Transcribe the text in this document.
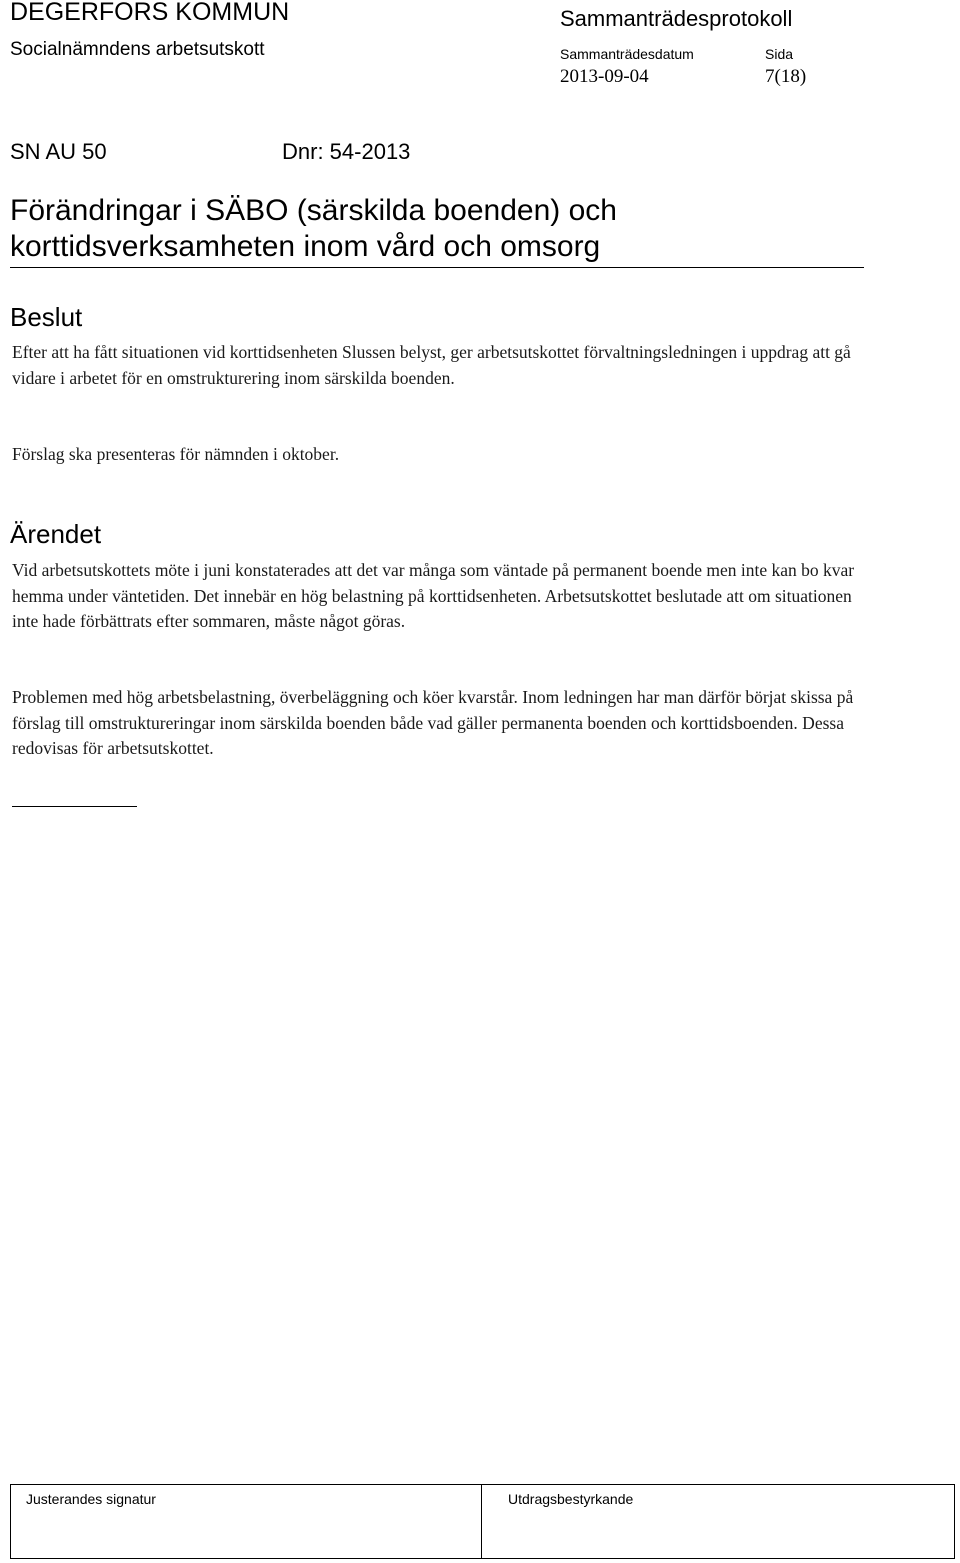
DEGERFORS KOMMUN
Socialnämndens arbetsutskott
Sammanträdesprotokoll
Sammanträdesdatum	Sida
2013-09-04	7(18)
SN AU 50	Dnr: 54-2013
Förändringar i SÄBO (särskilda boenden) och korttidsverksamheten inom vård och omsorg
Beslut
Efter att ha fått situationen vid korttidsenheten Slussen belyst, ger arbetsutskottet förvaltningsledningen i uppdrag att gå vidare i arbetet för en omstrukturering inom särskilda boenden.
Förslag ska presenteras för nämnden i oktober.
Ärendet
Vid arbetsutskottets möte i juni konstaterades att det var många som väntade på permanent boende men inte kan bo kvar hemma under väntetiden. Det innebär en hög belastning på korttidsenheten. Arbetsutskottet beslutade att om situationen inte hade förbättrats efter sommaren, måste något göras.
Problemen med hög arbetsbelastning, överbeläggning och köer kvarstår. Inom ledningen har man därför börjat skissa på förslag till omstruktureringar inom särskilda boenden både vad gäller permanenta boenden och korttidsboenden. Dessa redovisas för arbetsutskottet.
Justerandes signatur	Utdragsbestyrkande
